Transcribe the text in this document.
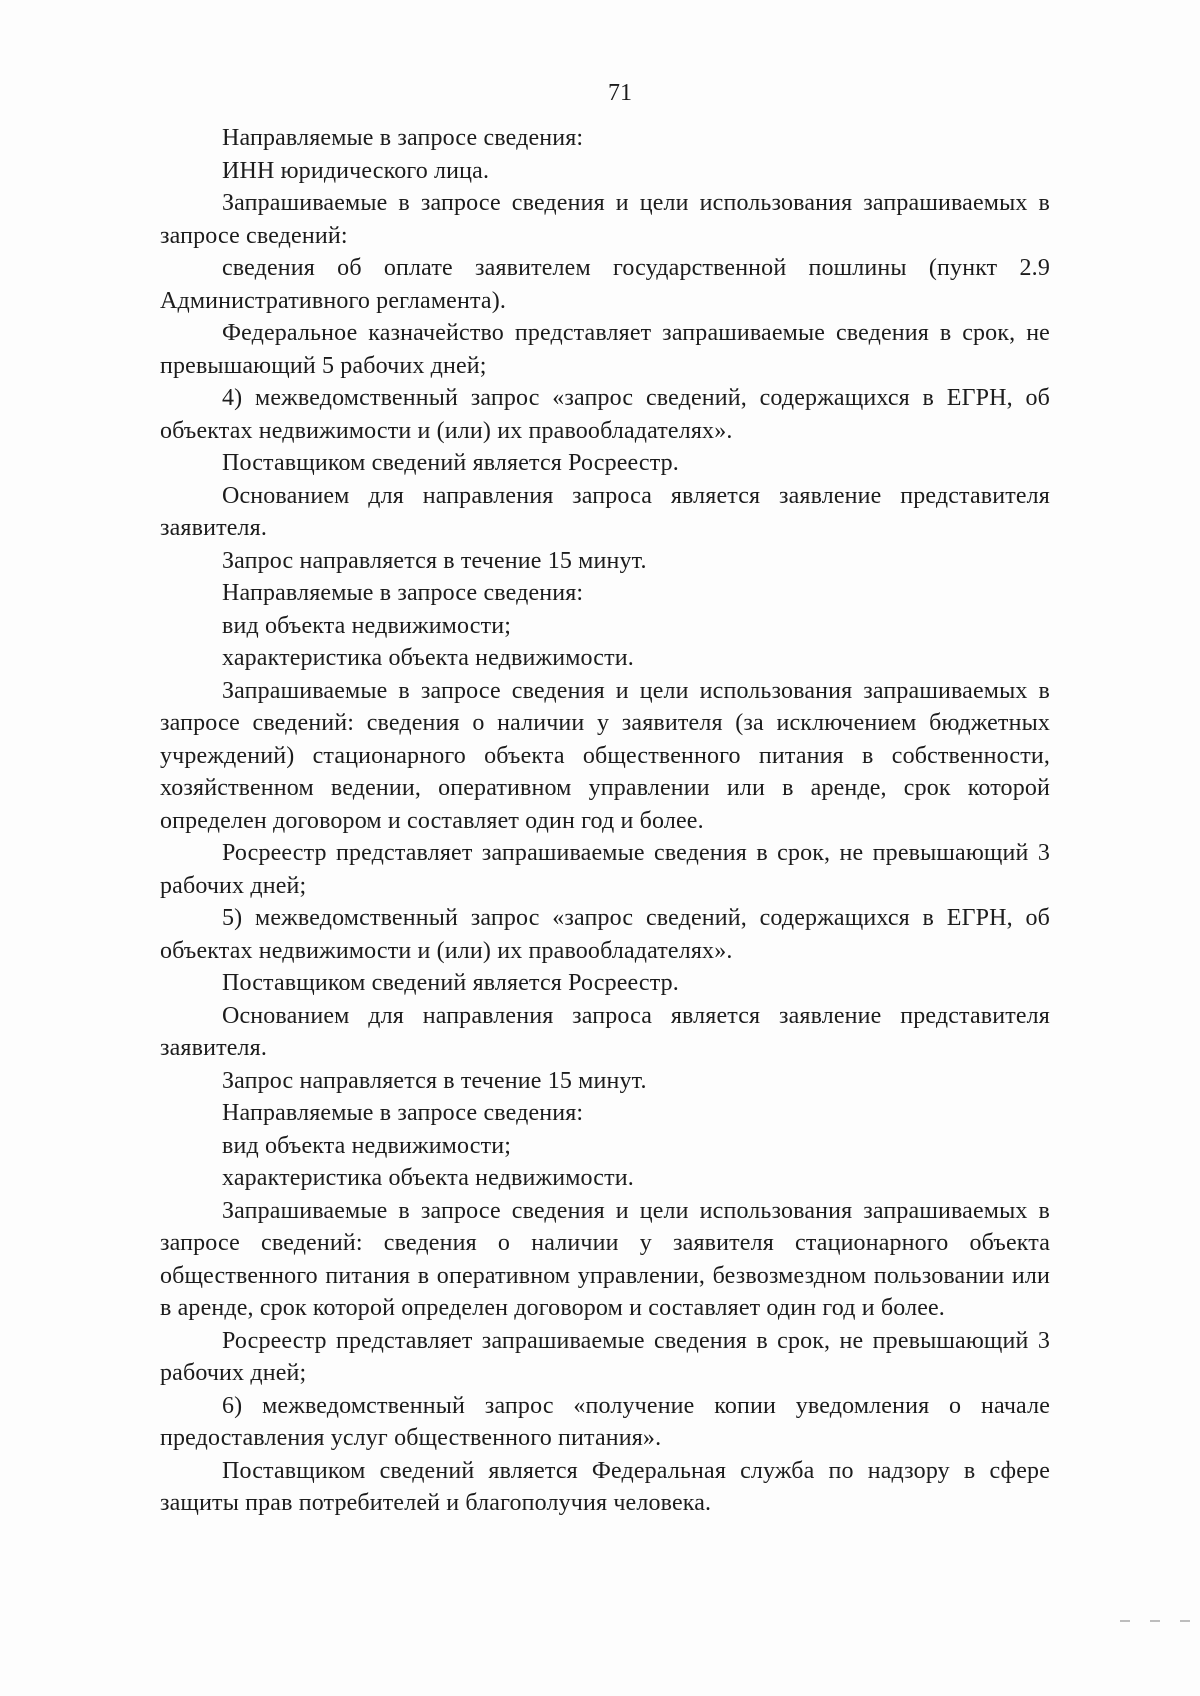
71

Направляемые в запросе сведения:

ИНН юридического лица.

Запрашиваемые в запросе сведения и цели использования запрашиваемых в запросе сведений:

сведения об оплате заявителем государственной пошлины (пункт 2.9 Административного регламента).

Федеральное казначейство представляет запрашиваемые сведения в срок, не превышающий 5 рабочих дней;

4) межведомственный запрос «запрос сведений, содержащихся в ЕГРН, об объектах недвижимости и (или) их правообладателях».

Поставщиком сведений является Росреестр.

Основанием для направления запроса является заявление представителя заявителя.

Запрос направляется в течение 15 минут.

Направляемые в запросе сведения:

вид объекта недвижимости;

характеристика объекта недвижимости.

Запрашиваемые в запросе сведения и цели использования запрашиваемых в запросе сведений: сведения о наличии у заявителя (за исключением бюджетных учреждений) стационарного объекта общественного питания в собственности, хозяйственном ведении, оперативном управлении или в аренде, срок которой определен договором и составляет один год и более.

Росреестр представляет запрашиваемые сведения в срок, не превышающий 3 рабочих дней;

5) межведомственный запрос «запрос сведений, содержащихся в ЕГРН, об объектах недвижимости и (или) их правообладателях».

Поставщиком сведений является Росреестр.

Основанием для направления запроса является заявление представителя заявителя.

Запрос направляется в течение 15 минут.

Направляемые в запросе сведения:

вид объекта недвижимости;

характеристика объекта недвижимости.

Запрашиваемые в запросе сведения и цели использования запрашиваемых в запросе сведений: сведения о наличии у заявителя стационарного объекта общественного питания в оперативном управлении, безвозмездном пользовании или в аренде, срок которой определен договором и составляет один год и более.

Росреестр представляет запрашиваемые сведения в срок, не превышающий 3 рабочих дней;

6) межведомственный запрос «получение копии уведомления о начале предоставления услуг общественного питания».

Поставщиком сведений является Федеральная служба по надзору в сфере защиты прав потребителей и благополучия человека.
